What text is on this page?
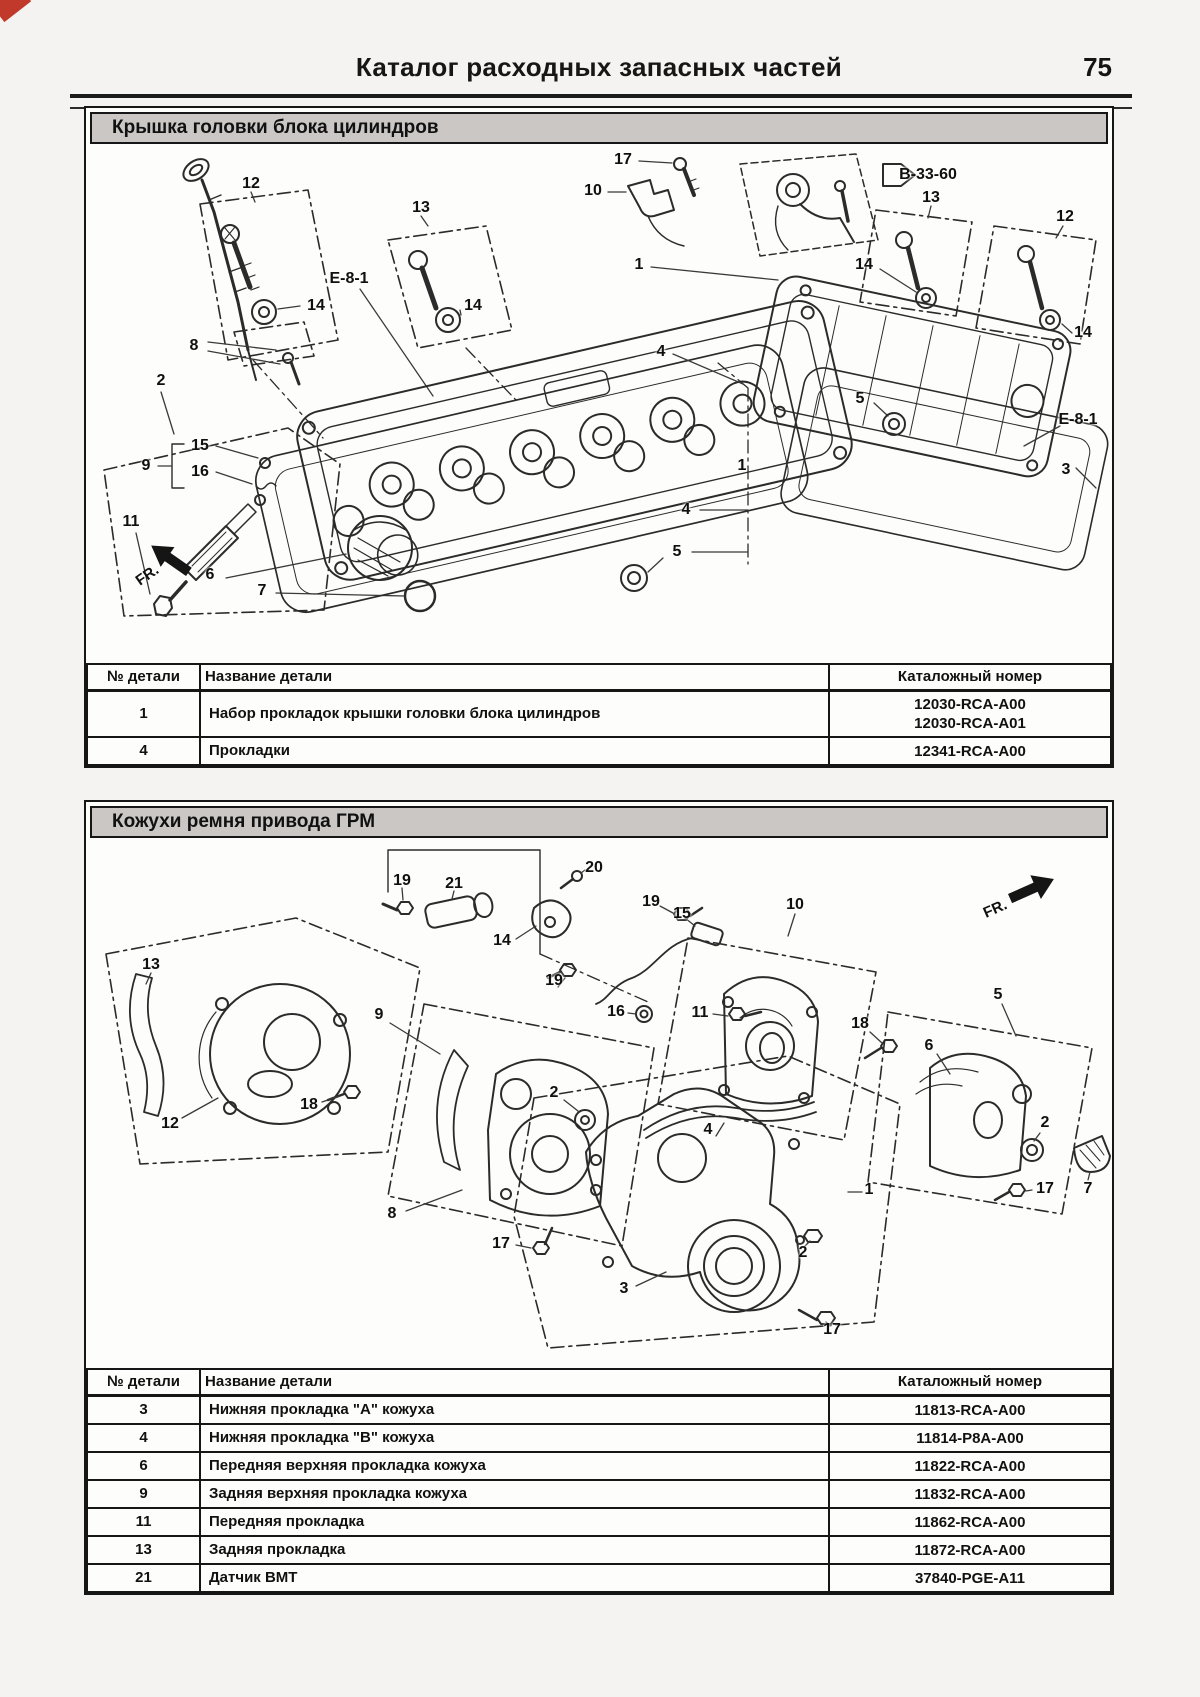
Каталог расходных запасных частей	75
Крышка головки блока цилиндров
FR.
12
13
17
10
B-33-60
13
12
E-8-1
14	14
1	14
14
8	4
2
5
E-8-1
3
15
9	16	1
4
5
11
6
7
№ детали	Название детали	Каталожный номер
1	Набор прокладок крышки головки блока цилиндров	12030-RCA-A00
12030-RCA-A01

4	Прокладки	12341-RCA-A00
Кожухи ремня привода ГРМ
FR.
19 21
20
14
19
15
19
16	11
10
18
5
6
2
17 7
13
12
18
9
8
2
17
4
1
2
3
17
№ детали	Название детали	Каталожный номер
3	Нижняя прокладка "А" кожуха	11813-RCA-A00

4	Нижняя прокладка "В" кожуха	11814-P8A-A00

6	Передняя верхняя прокладка кожуха	11822-RCA-A00

9	Задняя верхняя прокладка кожуха	11832-RCA-A00

11	Передняя прокладка	11862-RCA-A00

13	Задняя прокладка	11872-RCA-A00

21	Датчик ВМТ	37840-PGE-A11
